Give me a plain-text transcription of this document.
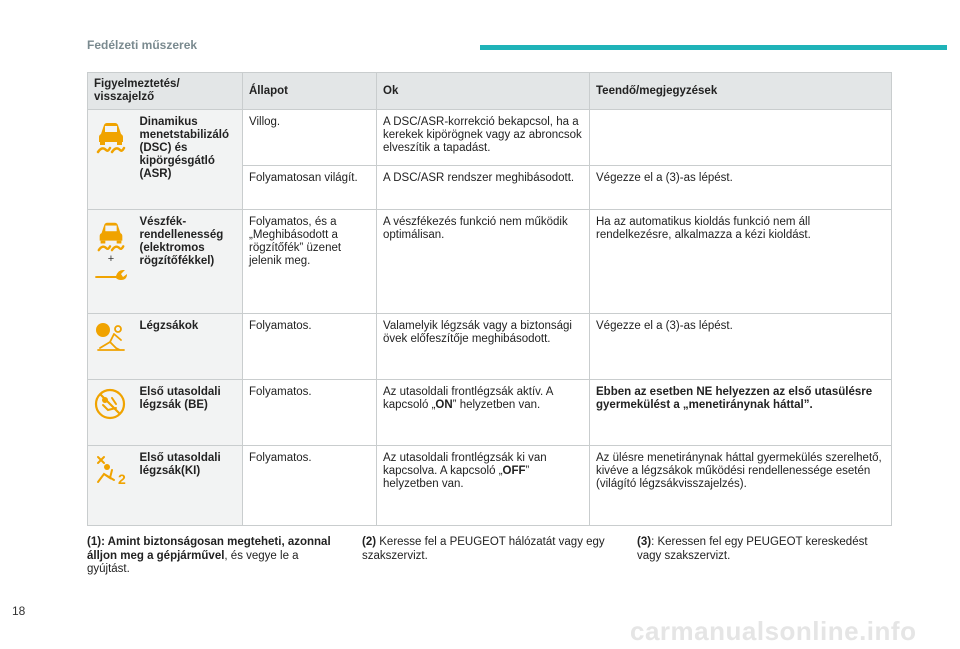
Fedélzeti műszerek
Figyelmeztetés/ visszajelző		Állapot	Ok	Teendő/megjegyzések

	Dinamikus menetstabilizáló (DSC) és kipörgésgátló (ASR)	Villog.	A DSC/ASR-korrekció bekapcsol, ha a kerekek kipörögnek vagy az abroncsok elveszítik a tapadást.	
		Folyamatosan világít.	A DSC/ASR rendszer meghibásodott.	Végezze el a (3)-as lépést.

+	Vészfék-rendellenesség (elektromos rögzítőfékkel)	Folyamatos, és a „Meghibásodott a rögzítőfék” üzenet jelenik meg.	A vészfékezés funkció nem működik optimálisan.	Ha az automatikus kioldás funkció nem áll rendelkezésre, alkalmazza a kézi kioldást.

	Légzsákok	Folyamatos.	Valamelyik légzsák vagy a biztonsági övek előfeszítője meghibásodott.	Végezze el a (3)-as lépést.

	Első utasoldali légzsák (BE)	Folyamatos.	Az utasoldali frontlégzsák aktív. A kapcsoló „ON” helyzetben van.	Ebben az esetben NE helyezzen az első utasülésre gyermekülést a „menetiránynak háttal”.

2	Első utasoldali légzsák(KI)	Folyamatos.	Az utasoldali frontlégzsák ki van kapcsolva. A kapcsoló „OFF” helyzetben van.	Az ülésre menetiránynak háttal gyermekülés szerelhető, kivéve a légzsákok működési rendellenessége esetén (világító légzsákvisszajelzés).
(1): Amint biztonságosan megteheti, azonnal álljon meg a gépjárművel, és vegye le a gyújtást.
(2) Keresse fel a PEUGEOT hálózatát vagy egy szakszervizt.
(3): Keressen fel egy PEUGEOT kereskedést vagy szakszervizt.
18
carmanualsonline.info
